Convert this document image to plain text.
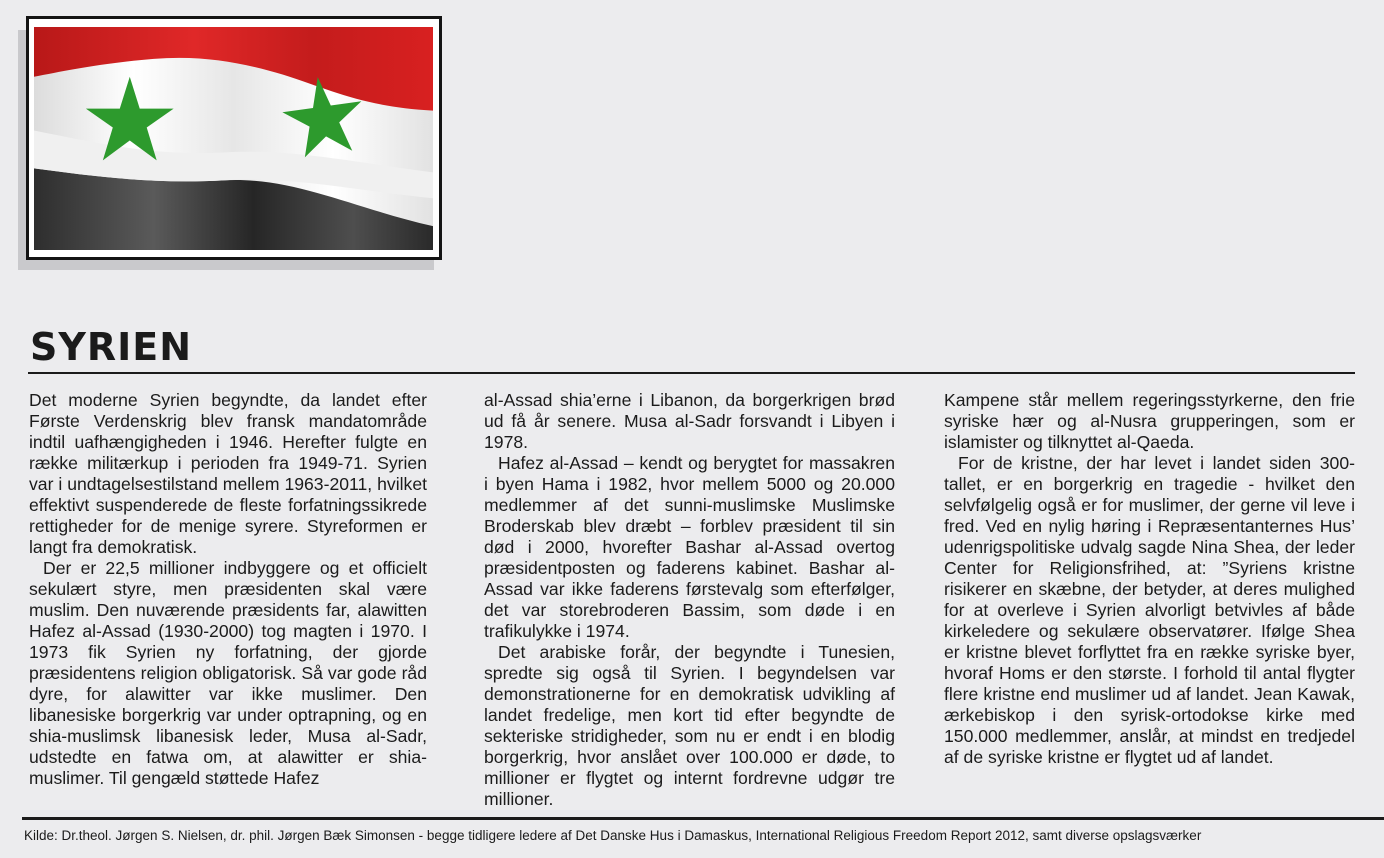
SYRIEN

Det moderne Syrien begyndte, da landet efter Første Verdenskrig blev fransk mandatområde indtil uafhængigheden i 1946. Herefter fulgte en række militærkup i perioden fra 1949-71. Syrien var i undtagelsestilstand mellem 1963-2011, hvilket effektivt suspenderede de fleste forfatningssikrede rettigheder for de menige syrere. Styreformen er langt fra demokratisk.

Der er 22,5 millioner indbyggere og et officielt sekulært styre, men præsidenten skal være muslim. Den nuværende præsidents far, alawitten Hafez al-Assad (1930-2000) tog magten i 1970. I 1973 fik Syrien ny forfatning, der gjorde præsidentens religion obligatorisk. Så var gode råd dyre, for alawitter var ikke muslimer. Den libanesiske borgerkrig var under optrapning, og en shia-muslimsk libanesisk leder, Musa al-Sadr, udstedte en fatwa om, at alawitter er shia-muslimer. Til gengæld støttede Hafez

al-Assad shia’erne i Libanon, da borgerkrigen brød ud få år senere. Musa al-Sadr forsvandt i Libyen i 1978.

Hafez al-Assad – kendt og berygtet for massakren i byen Hama i 1982, hvor mellem 5000 og 20.000 medlemmer af det sunni-muslimske Muslimske Broderskab blev dræbt – forblev præsident til sin død i 2000, hvorefter Bashar al-Assad overtog præsidentposten og faderens kabinet. Bashar al-Assad var ikke faderens førstevalg som efterfølger, det var storebroderen Bassim, som døde i en trafikulykke i 1974.

Det arabiske forår, der begyndte i Tunesien, spredte sig også til Syrien. I begyndelsen var demonstrationerne for en demokratisk udvikling af landet fredelige, men kort tid efter begyndte de sekteriske stridigheder, som nu er endt i en blodig borgerkrig, hvor anslået over 100.000 er døde, to millioner er flygtet og internt fordrevne udgør tre millioner.

Kampene står mellem regeringsstyrkerne, den frie syriske hær og al-Nusra grupperingen, som er islamister og tilknyttet al-Qaeda.

For de kristne, der har levet i landet siden 300-tallet, er en borgerkrig en tragedie - hvilket den selvfølgelig også er for muslimer, der gerne vil leve i fred. Ved en nylig høring i Repræsentanternes Hus’ udenrigspolitiske udvalg sagde Nina Shea, der leder Center for Religionsfrihed, at: ”Syriens kristne risikerer en skæbne, der betyder, at deres mulighed for at overleve i Syrien alvorligt betvivles af både kirkeledere og sekulære observatører. Ifølge Shea er kristne blevet forflyttet fra en række syriske byer, hvoraf Homs er den største. I forhold til antal flygter flere kristne end muslimer ud af landet. Jean Kawak, ærkebiskop i den syrisk-ortodokse kirke med 150.000 medlemmer, anslår, at mindst en tredjedel af de syriske kristne er flygtet ud af landet.

Kilde: Dr.theol. Jørgen S. Nielsen, dr. phil. Jørgen Bæk Simonsen - begge tidligere ledere af Det Danske Hus i Damaskus, International Religious Freedom Report 2012, samt diverse opslagsværker
